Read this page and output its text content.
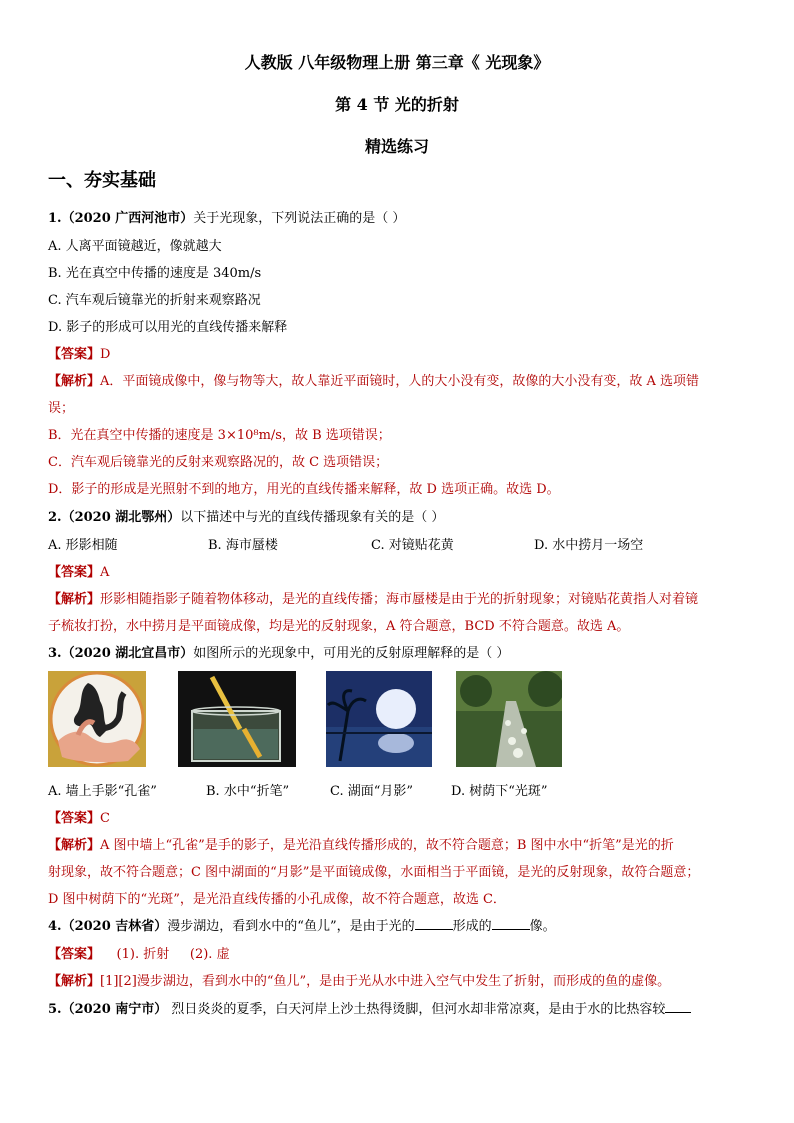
人教版 八年级物理上册 第三章《 光现象》
第 4 节 光的折射
精选练习
一、夯实基础
1.（2020 广西河池市）关于光现象，下列说法正确的是（ ）
A. 人离平面镜越近，像就越大
B. 光在真空中传播的速度是 340m/s
C. 汽车观后镜靠光的折射来观察路况
D. 影子的形成可以用光的直线传播来解释
【答案】D
【解析】A．平面镜成像中，像与物等大，故人靠近平面镜时，人的大小没有变，故像的大小没有变，故 A 选项错
误；
B．光在真空中传播的速度是 3×10⁸m/s，故 B 选项错误；
C．汽车观后镜靠光的反射来观察路况的，故 C 选项错误；
D．影子的形成是光照射不到的地方，用光的直线传播来解释，故 D 选项正确。故选 D。
2.（2020 湖北鄂州）以下描述中与光的直线传播现象有关的是（ ）
A. 形影相随	B. 海市蜃楼	C. 对镜贴花黄	D. 水中捞月一场空
【答案】A
【解析】形影相随指影子随着物体移动，是光的直线传播；海市蜃楼是由于光的折射现象；对镜贴花黄指人对着镜
子梳妆打扮，水中捞月是平面镜成像，均是光的反射现象，A 符合题意，BCD 不符合题意。故选 A。
3.（2020 湖北宜昌市）如图所示的光现象中，可用光的反射原理解释的是（ ）
A. 墙上手影“孔雀”	B. 水中“折笔”	C. 湖面“月影”	D. 树荫下“光斑”
【答案】C
【解析】A 图中墙上“孔雀”是手的影子，是光沿直线传播形成的，故不符合题意；B 图中水中“折笔”是光的折
射现象，故不符合题意；C 图中湖面的“月影”是平面镜成像，水面相当于平面镜，是光的反射现象，故符合题意；
D 图中树荫下的“光斑”，是光沿直线传播的小孔成像，故不符合题意，故选 C．
4.（2020 吉林省）漫步湖边，看到水中的“鱼儿”，是由于光的	形成的	像。
【答案】    (1). 折射     (2). 虚
【解析】[1][2]漫步湖边，看到水中的“鱼儿”，是由于光从水中进入空气中发生了折射，而形成的鱼的虚像。
5.（2020 南宁市） 烈日炎炎的夏季，白天河岸上沙土热得烫脚，但河水却非常凉爽，是由于水的比热容较
